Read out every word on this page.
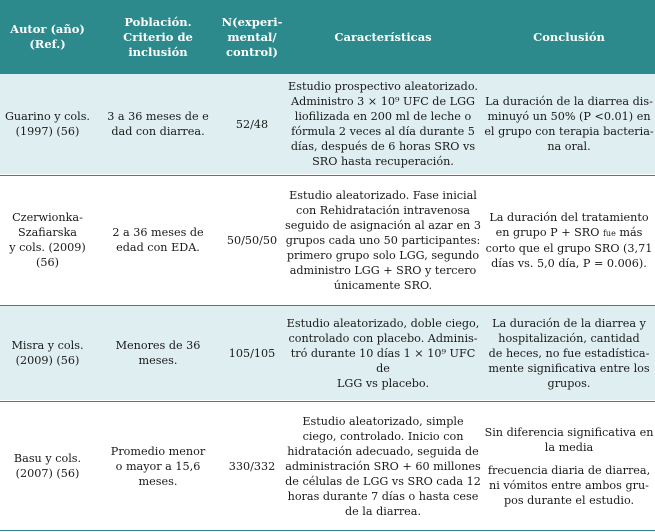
Autor (año)
(Ref.)
Población.
Criterio de
inclusión
N(experi-
mental/
control)
Características	Conclusión
Guarino y cols.
(1997) (56)
3 a 36 meses de e
dad con diarrea.
52/48
Estudio prospectivo aleatorizado.
Administro 3 × 10⁹ UFC de LGG
liofilizada en 200 ml de leche o
fórmula 2 veces al día durante 5
días, después de 6 horas SRO vs
SRO hasta recuperación.
La duración de la diarrea dis-
minuyó un 50% (P <0.01) en
el grupo con terapia bacteria-
na oral.
Czerwionka-
Szafiarska
y cols. (2009)
(56)
2 a 36 meses de
edad con EDA.
50/50/50
Estudio aleatorizado. Fase inicial
con Rehidratación intravenosa
seguido de asignación al azar en 3
grupos cada uno 50 participantes:
primero grupo solo LGG, segundo
administro LGG + SRO y tercero
únicamente SRO.
La duración del tratamiento
en grupo P + SRO fue más
corto que el grupo SRO (3,71
días vs. 5,0 día, P = 0.006).
Misra y cols.
(2009) (56)
Menores de 36
meses.
105/105
Estudio aleatorizado, doble ciego,
controlado con placebo. Adminis-
tró durante 10 días 1 × 10⁹ UFC de
LGG vs placebo.
La duración de la diarrea y
hospitalización, cantidad
de heces, no fue estadística-
mente significativa entre los
grupos.
Basu y cols.
(2007) (56)
Promedio menor
o mayor a 15,6
meses.
330/332
Estudio aleatorizado, simple
ciego, controlado. Inicio con
hidratación adecuado, seguida de
administración SRO + 60 millones
de células de LGG vs SRO cada 12
horas durante 7 días o hasta cese
de la diarrea.
Sin diferencia significativa en
la media
frecuencia diaria de diarrea,
ni vómitos entre ambos gru-
pos durante el estudio.
